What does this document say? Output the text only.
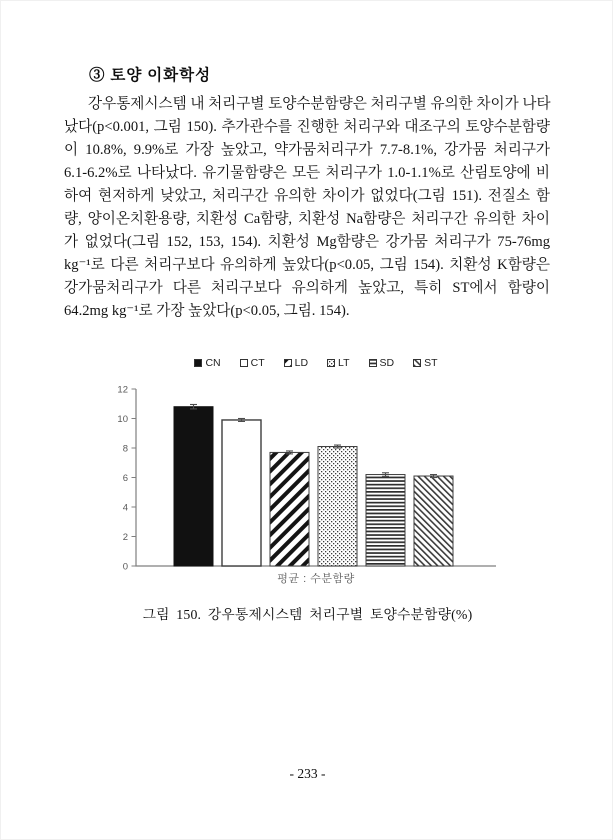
③ 토양 이화학성
강우통제시스템 내 처리구별 토양수분함량은 처리구별 유의한 차이가 나타
났다(p<0.001, 그림 150). 추가관수를 진행한 처리구와 대조구의 토양수분함량
이 10.8%, 9.9%로 가장 높았고, 약가뭄처리구가 7.7-8.1%, 강가뭄 처리구가
6.1-6.2%로 나타났다. 유기물함량은 모든 처리구가 1.0-1.1%로 산림토양에 비
하여 현저하게 낮았고, 처리구간 유의한 차이가 없었다(그림 151). 전질소 함
량, 양이온치환용량, 치환성 Ca함량, 치환성 Na함량은 처리구간 유의한 차이
가 없었다(그림 152, 153, 154). 치환성 Mg함량은 강가뭄 처리구가 75-76mg
kg⁻¹로 다른 처리구보다 유의하게 높았다(p<0.05, 그림 154). 치환성 K함량은
강가뭄처리구가 다른 처리구보다 유의하게 높았고, 특히 ST에서 함량이
64.2mg kg⁻¹로 가장 높았다(p<0.05, 그림. 154).
CN	CT	LD	LT	SD	ST
0
2
4
6
8
10
12
평균 : 수분함량
그림 150. 강우통제시스템 처리구별 토양수분함량(%)
- 233 -
